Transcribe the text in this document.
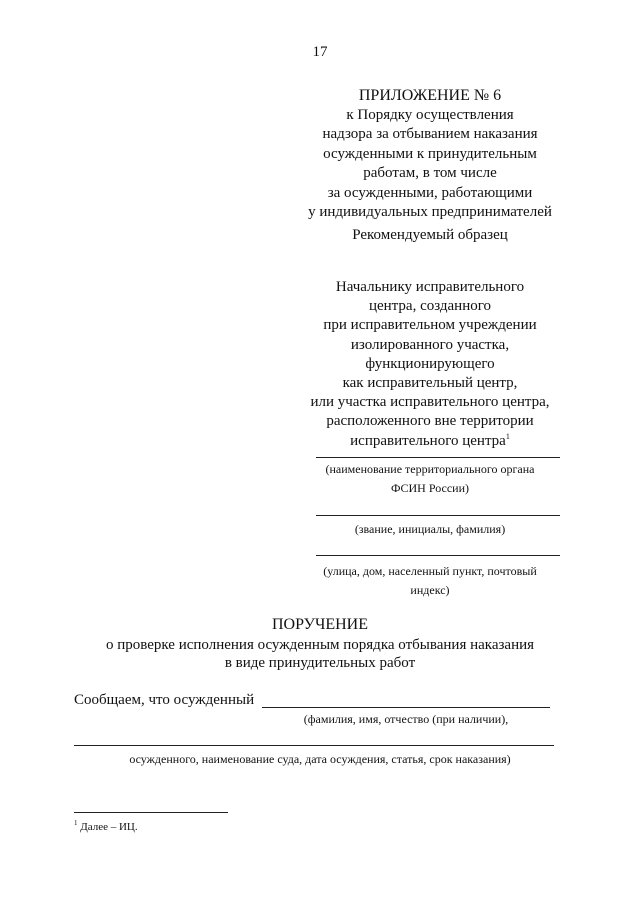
17
ПРИЛОЖЕНИЕ № 6
к Порядку осуществления
надзора за отбыванием наказания
осужденными к принудительным
работам, в том числе
за осужденными, работающими
у индивидуальных предпринимателей
Рекомендуемый образец
Начальнику исправительного
центра, созданного
при исправительном учреждении
изолированного участка,
функционирующего
как исправительный центр,
или участка исправительного центра,
расположенного вне территории
исправительного центра$^1$
(наименование территориального органа
ФСИН России)
(звание, инициалы, фамилия)
(улица, дом, населенный пункт, почтовый
индекс)
ПОРУЧЕНИЕ
о проверке исполнения осужденным порядка отбывания наказания
в виде принудительных работ
Сообщаем, что осужденный
(фамилия, имя, отчество (при наличии),
осужденного, наименование суда, дата осуждения, статья, срок наказания)
$^1$ Далее – ИЦ.
